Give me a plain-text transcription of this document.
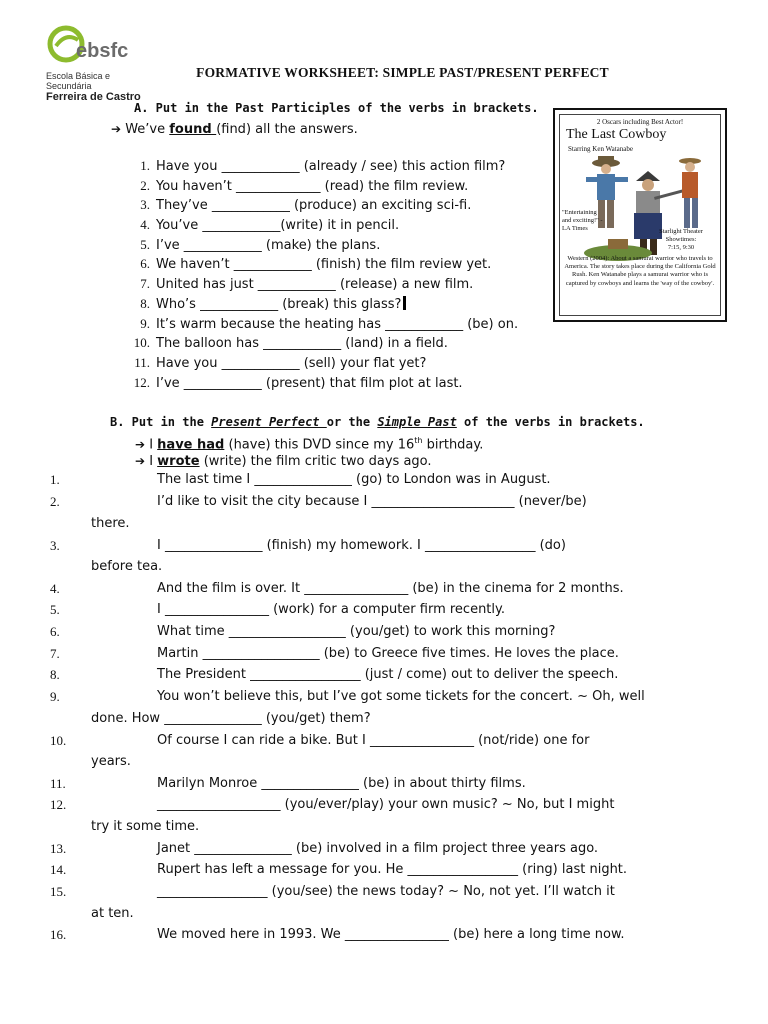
ebsfc
Escola Básica e Secundária
Ferreira de Castro
FORMATIVE WORKSHEET: SIMPLE PAST/PRESENT PERFECT
A. Put in the Past Participles of the verbs in brackets.
➔ We’ve found (find) all the answers.
1. Have you ____________ (already / see) this action film?
2. You haven’t _____________ (read) the film review.
3. They’ve ____________ (produce) an exciting sci-fi.
4. You’ve ____________(write) it in pencil.
5. I’ve ____________ (make) the plans.
6. We haven’t ____________ (finish) the film review yet.
7. United has just ____________ (release) a new film.
8. Who’s ____________ (break) this glass?
9. It’s warm because the heating has ____________ (be) on.
10. The balloon has ____________ (land) in a field.
11. Have you ____________ (sell) your flat yet?
12. I’ve ____________ (present) that film plot at last.
2 Oscars including Best Actor!
The Last Cowboy
Starring Ken Watanabe
"Entertaining and exciting!" -LA Times	Starlight Theater
Showtimes:
7:15, 9:30
Western (2004): About a samurai warrior who travels to America. The story takes place during the California Gold Rush. Ken Watanabe plays a samurai warrior who is captured by cowboys and learns the 'way of the cowboy'.
B. Put in the Present Perfect or the Simple Past of the verbs in brackets.
➔ I have had (have) this DVD since my 16th birthday.
➔ I wrote (write) the film critic two days ago.
1.	The last time I _______________ (go) to London was in August.
2.	I’d like to visit the city because I ______________________ (never/be)
there.
3.	I _______________ (finish) my homework. I _________________ (do)
before tea.
4.	And the film is over. It ________________ (be) in the cinema for 2 months.
5.	I ________________ (work) for a computer firm recently.
6.	What time __________________ (you/get) to work this morning?
7.	Martin __________________ (be) to Greece five times. He loves the place.
8.	The President _________________ (just / come) out to deliver the speech.
9.	You won’t believe this, but I’ve got some tickets for the concert. ~ Oh, well
done. How _______________ (you/get) them?
10.	Of course I can ride a bike. But I ________________ (not/ride) one for
years.
11.	Marilyn Monroe _______________ (be) in about thirty films.
12.	___________________ (you/ever/play) your own music? ~ No, but I might
try it some time.
13.	Janet _______________ (be) involved in a film project three years ago.
14.	Rupert has left a message for you. He _________________ (ring) last night.
15.	_________________ (you/see) the news today? ~ No, not yet. I’ll watch it
at ten.
16.	We moved here in 1993. We ________________ (be) here a long time now.
